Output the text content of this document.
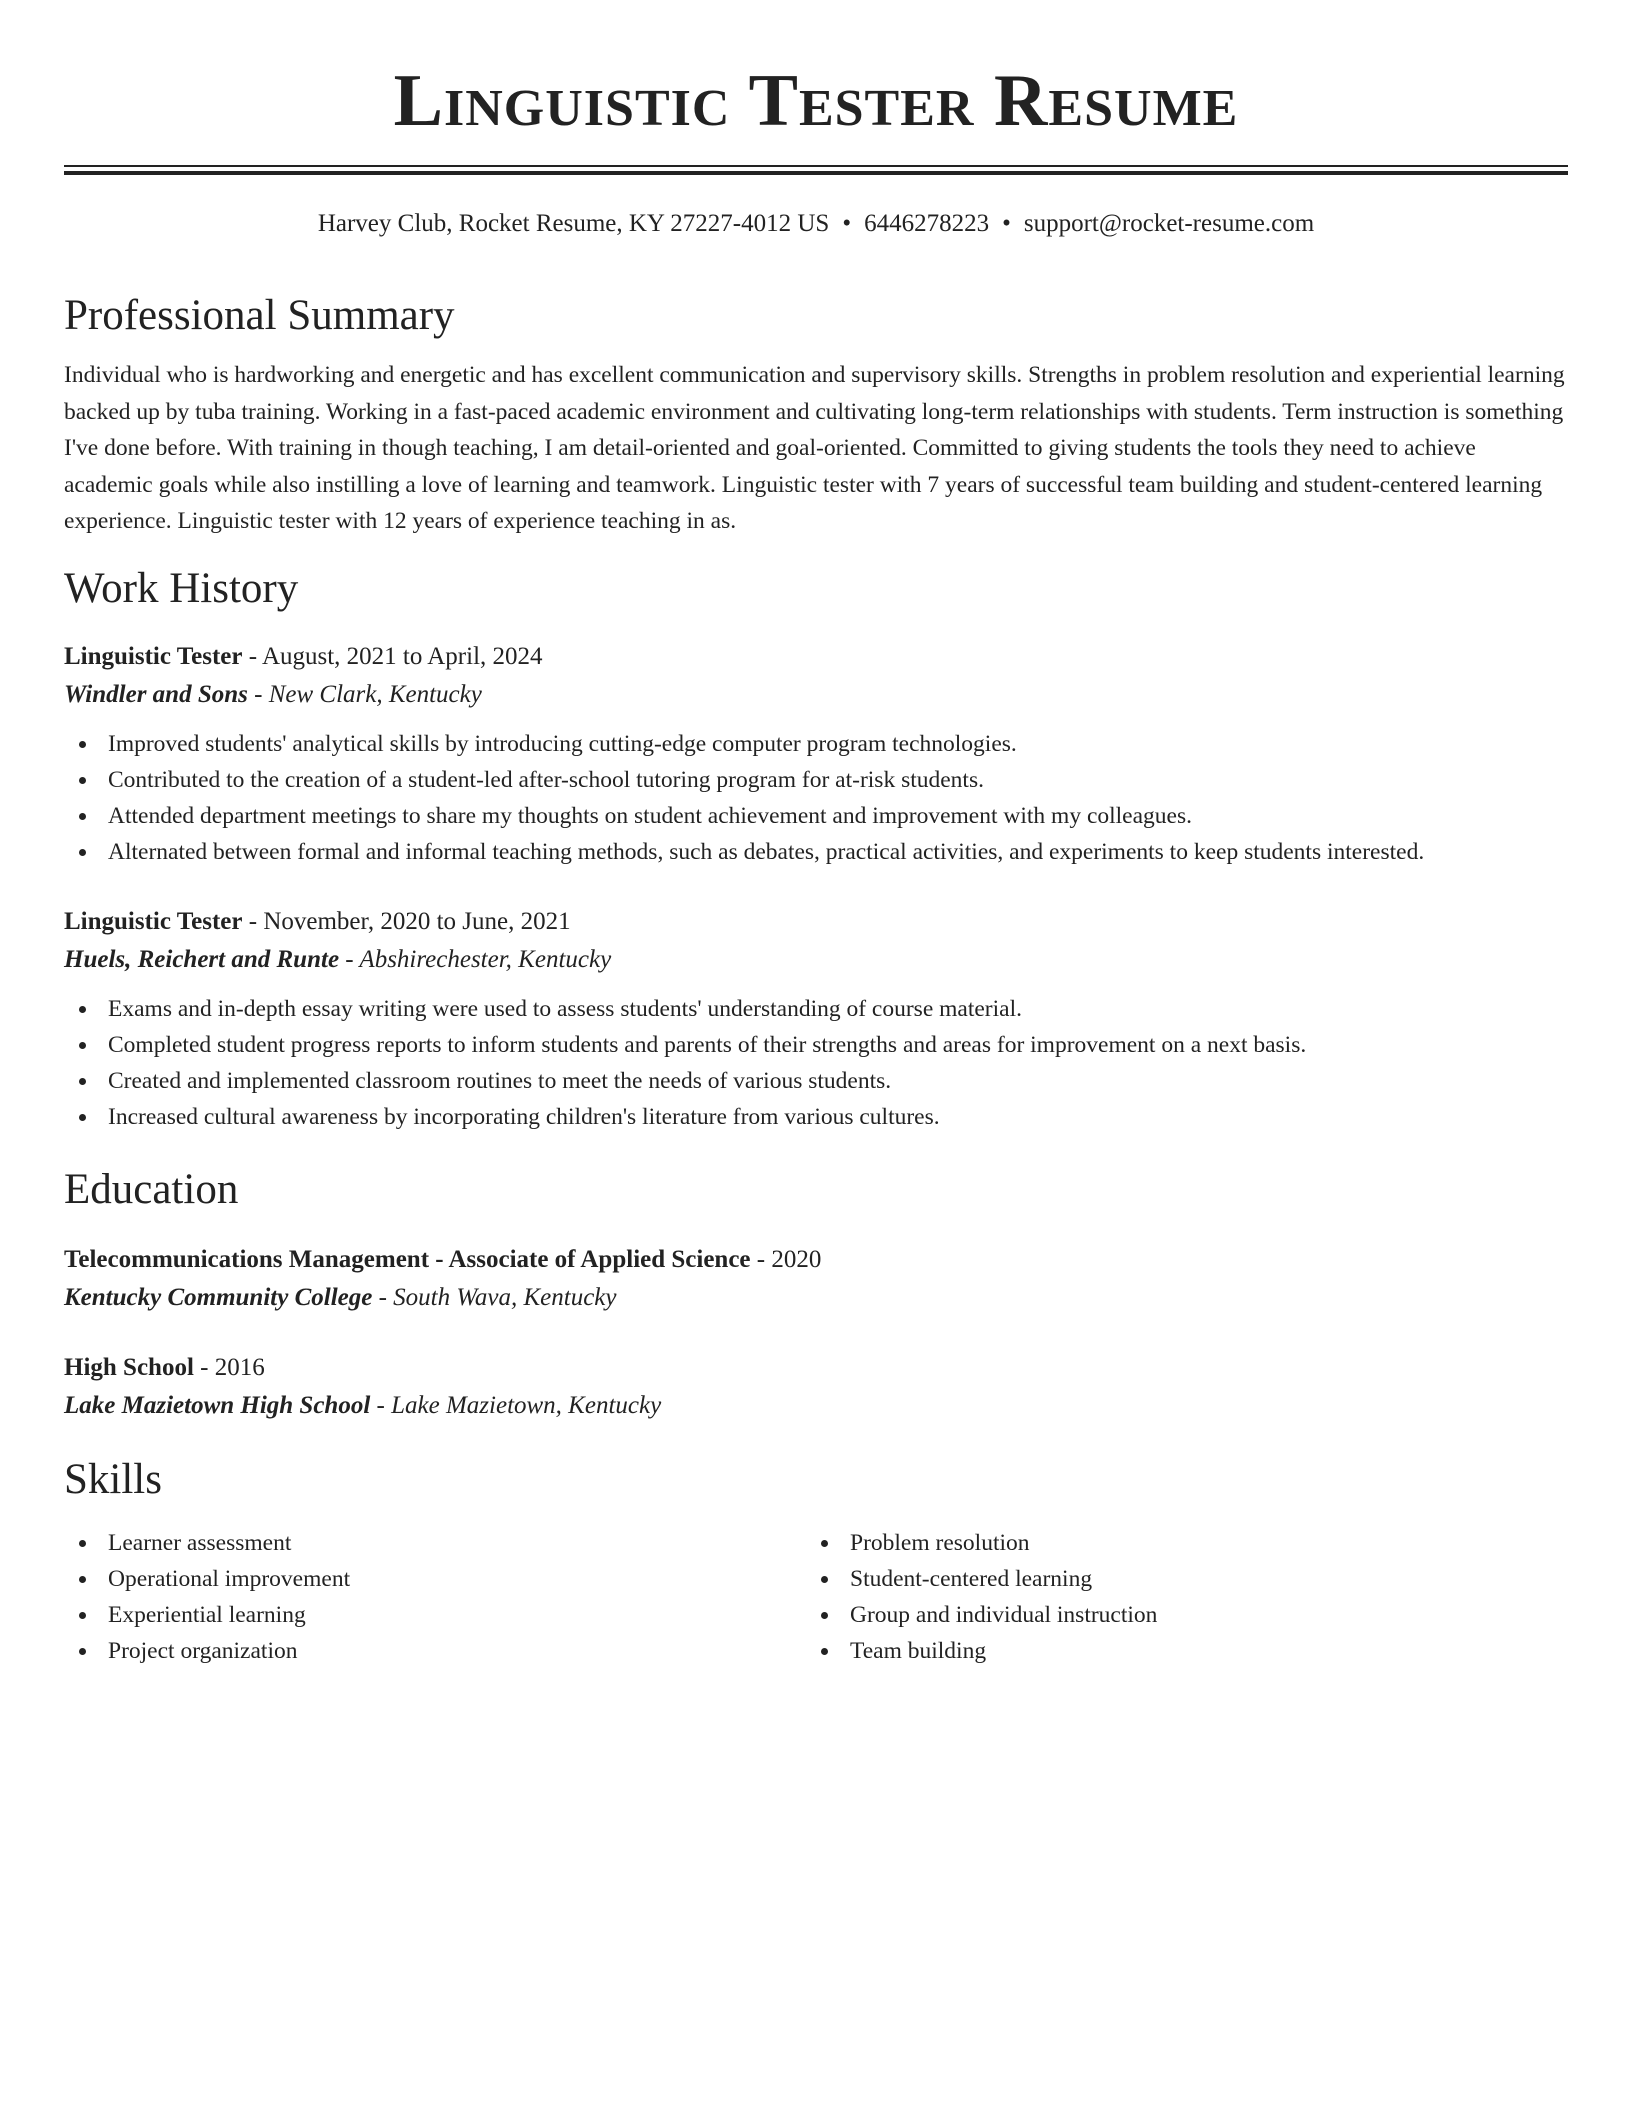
Linguistic Tester Resume
Harvey Club, Rocket Resume, KY 27227-4012 US • 6446278223 • support@rocket-resume.com
Professional Summary

Individual who is hardworking and energetic and has excellent communication and supervisory skills. Strengths in problem resolution and experiential learning backed up by tuba training. Working in a fast-paced academic environment and cultivating long-term relationships with students. Term instruction is something I've done before. With training in though teaching, I am detail-oriented and goal-oriented. Committed to giving students the tools they need to achieve academic goals while also instilling a love of learning and teamwork. Linguistic tester with 7 years of successful team building and student-centered learning experience. Linguistic tester with 12 years of experience teaching in as.

Work History
Linguistic Tester - August, 2021 to April, 2024
Windler and Sons - New Clark, Kentucky
Improved students' analytical skills by introducing cutting-edge computer program technologies.
Contributed to the creation of a student-led after-school tutoring program for at-risk students.
Attended department meetings to share my thoughts on student achievement and improvement with my colleagues.
Alternated between formal and informal teaching methods, such as debates, practical activities, and experiments to keep students interested.
Linguistic Tester - November, 2020 to June, 2021
Huels, Reichert and Runte - Abshirechester, Kentucky
Exams and in-depth essay writing were used to assess students' understanding of course material.
Completed student progress reports to inform students and parents of their strengths and areas for improvement on a next basis.
Created and implemented classroom routines to meet the needs of various students.
Increased cultural awareness by incorporating children's literature from various cultures.
Education
Telecommunications Management - Associate of Applied Science - 2020
Kentucky Community College - South Wava, Kentucky
High School - 2016
Lake Mazietown High School - Lake Mazietown, Kentucky
Skills
Learner assessment
Operational improvement
Experiential learning
Project organization
Problem resolution
Student-centered learning
Group and individual instruction
Team building
